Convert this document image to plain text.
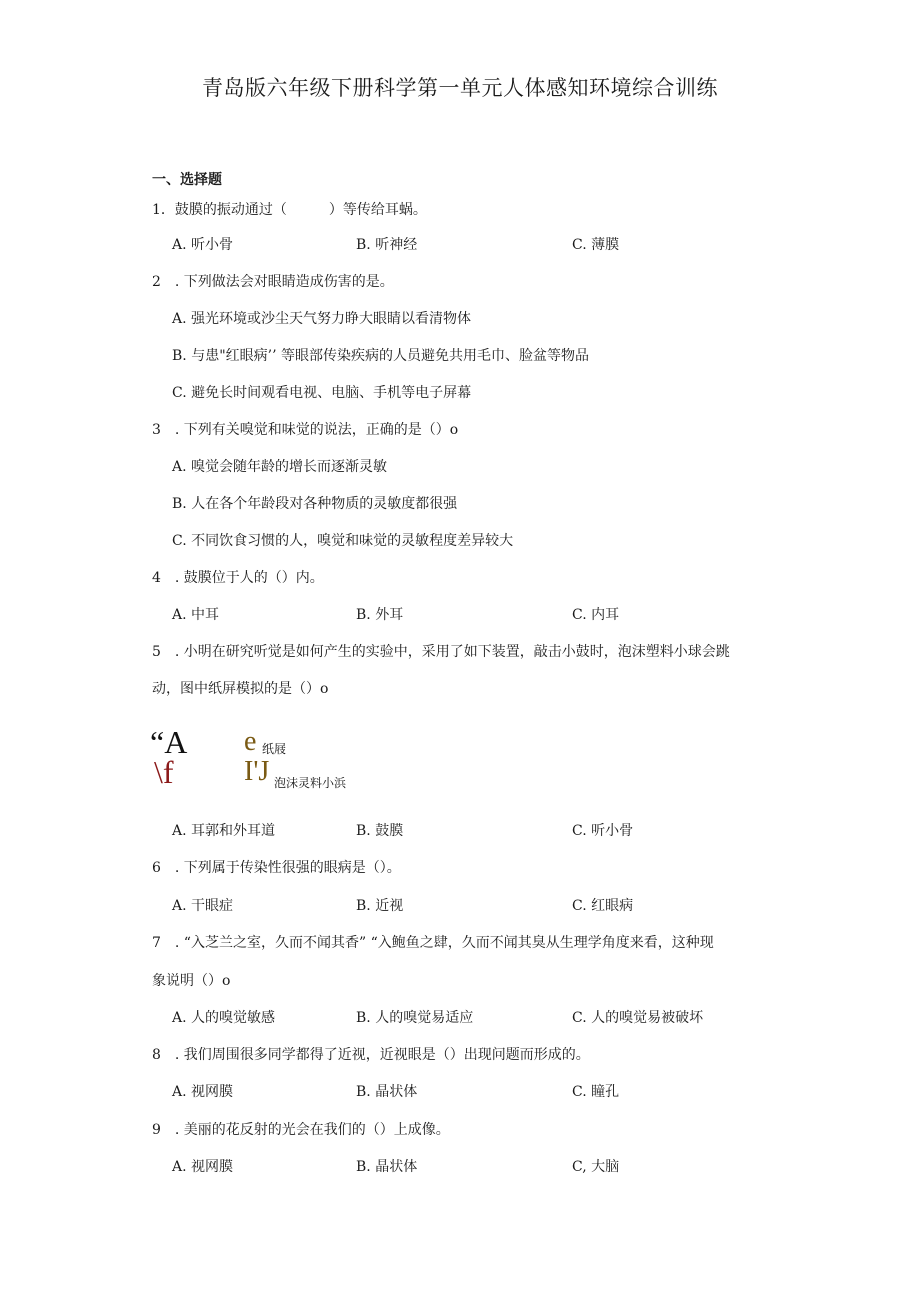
青岛版六年级下册科学第一单元人体感知环境综合训练
一、选择题
1．鼓膜的振动通过（　　　）等传给耳蜗。
A. 听小骨	B. 听神经	C. 薄膜
2　. 下列做法会对眼睛造成伤害的是。
A. 强光环境或沙尘天气努力睁大眼睛以看清物体
B. 与患"红眼病’’ 等眼部传染疾病的人员避免共用毛巾、脸盆等物品
C. 避免长时间观看电视、电脑、手机等电子屏幕
3　. 下列有关嗅觉和味觉的说法，正确的是（）o
A. 嗅觉会随年龄的增长而逐渐灵敏
B. 人在各个年龄段对各种物质的灵敏度都很强
C. 不同饮食习惯的人，嗅觉和味觉的灵敏程度差异较大
4　. 鼓膜位于人的（）内。
A. 中耳	B. 外耳	C. 内耳
5　. 小明在研究听觉是如何产生的实验中，采用了如下装置，敲击小鼓时，泡沫塑料小球会跳
动，图中纸屏模拟的是（）o
“A
\f
e
I'J
纸屐
泡沫灵料小浜
A. 耳郭和外耳道	B. 鼓膜	C. 听小骨
6　. 下列属于传染性很强的眼病是（）。
A. 干眼症	B. 近视	C. 红眼病
7　. “入芝兰之室，久而不闻其香” “入鲍鱼之肆，久而不闻其臭从生理学角度来看，这种现
象说明（）o
A. 人的嗅觉敏感	B. 人的嗅觉易适应	C. 人的嗅觉易被破坏
8　. 我们周围很多同学都得了近视，近视眼是（）出现问题而形成的。
A. 视网膜	B. 晶状体	C. 瞳孔
9　. 美丽的花反射的光会在我们的（）上成像。
A. 视网膜	B. 晶状体	C, 大脑
